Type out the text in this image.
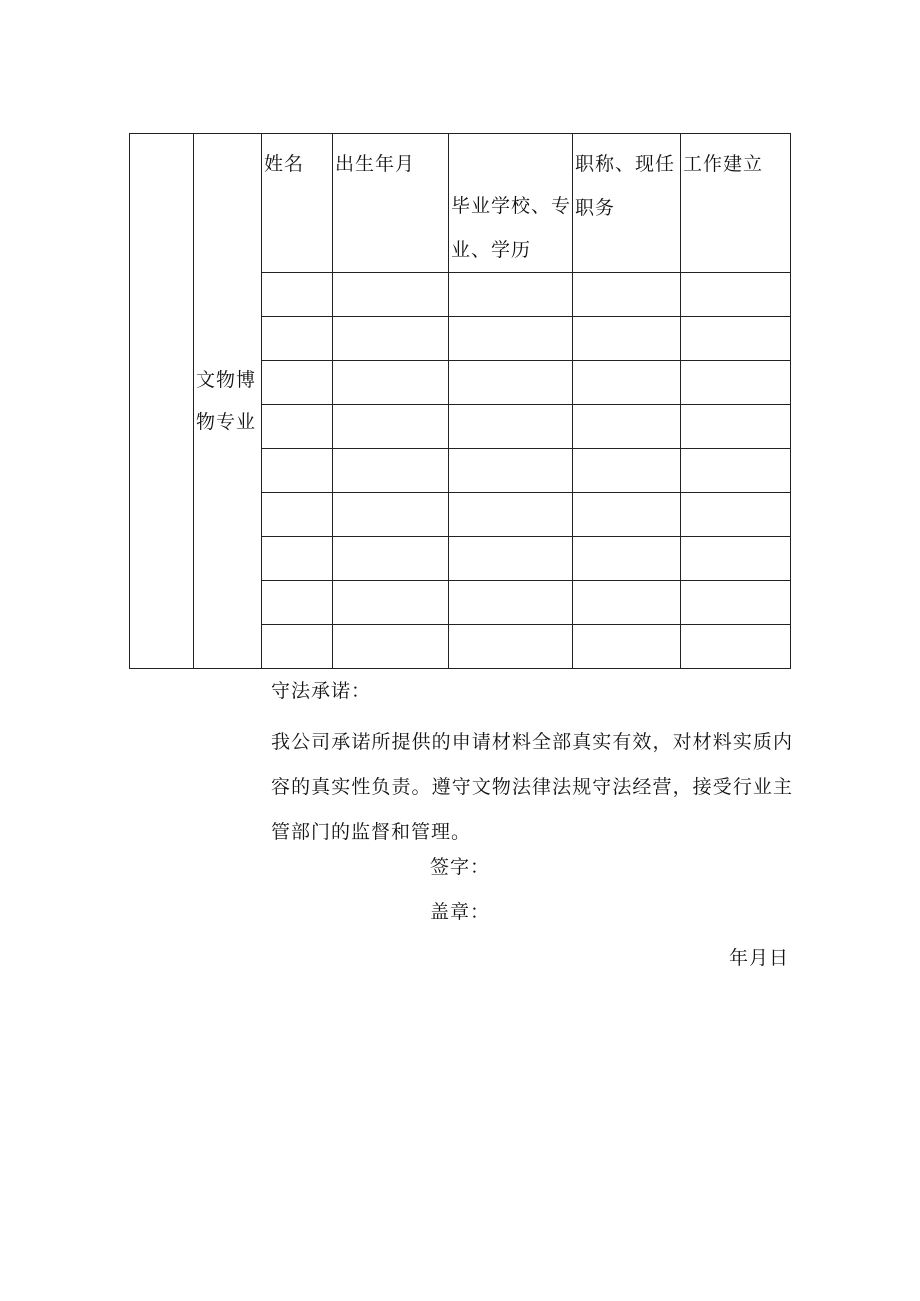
	文物博物专业	姓名	出生年月	毕业学校、专业、学历	职称、现任职务	工作建立

守法承诺：
我公司承诺所提供的申请材料全部真实有效，对材料实质内容的真实性负责。遵守文物法律法规守法经营，接受行业主管部门的监督和管理。
签字：
盖章：
年月日
